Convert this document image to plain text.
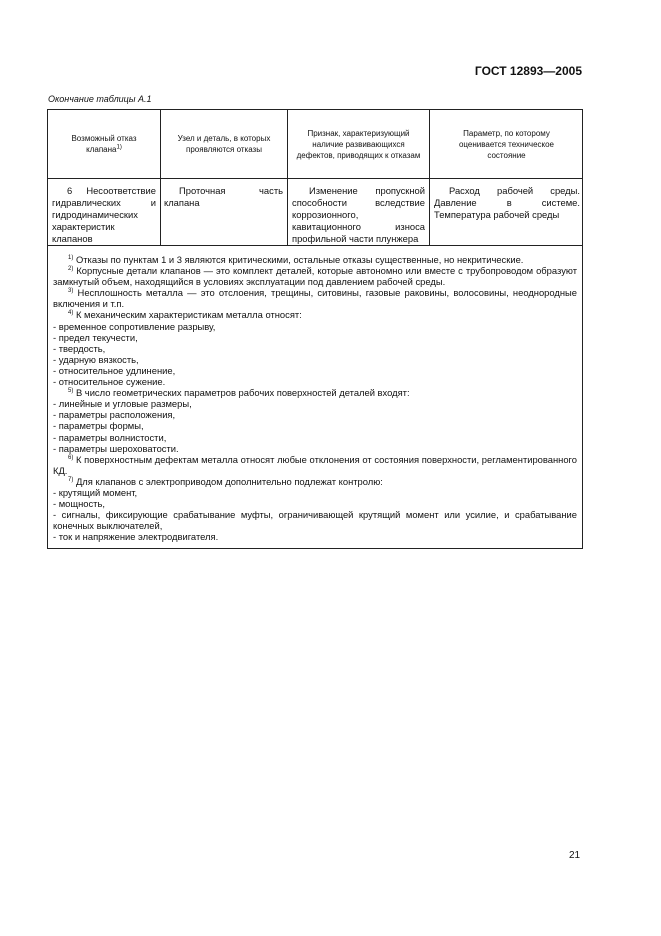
ГОСТ 12893—2005
Окончание таблицы А.1
Возможный отказ клапана$^{1)}$
Узел и деталь, в которых проявляются отказы
Признак, характеризующий наличие развивающихся дефектов, приводящих к отказам
Параметр, по которому оценивается техническое состояние
6 Несоответствие гидравлических и гидродинамических характеристик клапанов
Проточная часть клапана
Изменение пропускной способности вследствие коррозионного, кавитационного износа профильной части плунжера
Расход рабочей среды. Давление в системе. Температура рабочей среды

$^{1)}$ Отказы по пунктам 1 и 3 являются критическими, остальные отказы существенные, но некритические.

$^{2)}$ Корпусные детали клапанов — это комплект деталей, которые автономно или вместе с трубопроводом образуют замкнутый объем, находящийся в условиях эксплуатации под давлением рабочей среды.

$^{3)}$ Несплошность металла — это отслоения, трещины, ситовины, газовые раковины, волосовины, неоднородные включения и т.п.

$^{4)}$ К механическим характеристикам металла относят:

- временное сопротивление разрыву,

- предел текучести,

- твердость,

- ударную вязкость,

- относительное удлинение,

- относительное сужение.

$^{5)}$ В число геометрических параметров рабочих поверхностей деталей входят:

- линейные и угловые размеры,

- параметры расположения,

- параметры формы,

- параметры волнистости,

- параметры шероховатости.

$^{6)}$ К поверхностным дефектам металла относят любые отклонения от состояния поверхности, регламентированного КД.

$^{7)}$ Для клапанов с электроприводом дополнительно подлежат контролю:

- крутящий момент,

- мощность,

- сигналы, фиксирующие срабатывание муфты, ограничивающей крутящий момент или усилие, и срабатывание конечных выключателей,

- ток и напряжение электродвигателя.

21
